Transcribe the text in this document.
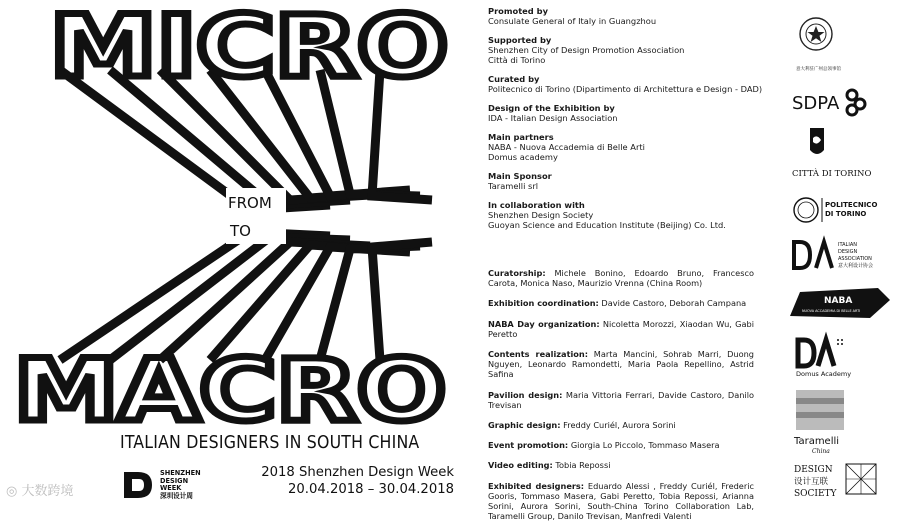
MICRO
MACRO
FROM
TO
ITALIAN DESIGNERS IN SOUTH CHINA
SHENZHEN
DESIGN
WEEK
深圳设计周
2018 Shenzhen Design Week
20.04.2018 – 30.04.2018
◎ 大数跨境
Promoted by
Consulate General of Italy in Guangzhou
Supported by
Shenzhen City of Design Promotion Association
Città di Torino
Curated by
Politecnico di Torino (Dipartimento di Architettura e Design - DAD)
Design of the Exhibition by
IDA - Italian Design Association
Main partners
NABA - Nuova Accademia di Belle Arti
Domus academy
Main Sponsor
Taramelli srl
In collaboration with
Shenzhen Design Society
Guoyan Science and Education Institute (Beijing) Co. Ltd.
Curatorship: Michele Bonino, Edoardo Bruno, Francesco Carota, Monica Naso, Maurizio Vrenna (China Room)
Exhibition coordination: Davide Castoro, Deborah Campana
NABA Day organization: Nicoletta Morozzi, Xiaodan Wu, Gabi Peretto
Contents realization: Marta Mancini, Sohrab Marri, Duong Nguyen, Leonardo Ramondetti, Maria Paola Repellino, Astrid Safina
Pavilion design: Maria Vittoria Ferrari, Davide Castoro, Danilo Trevisan
Graphic design: Freddy Curiél, Aurora Sorini
Event promotion: Giorgia Lo Piccolo, Tommaso Masera
Video editing: Tobia Repossi
Exhibited designers: Eduardo Alessi , Freddy Curiél, Frederic Gooris, Tommaso Masera, Gabi Peretto, Tobia Repossi, Arianna Sorini, Aurora Sorini, South-China Torino Collaboration Lab, Taramelli Group, Danilo Trevisan, Manfredi Valenti
意大利驻广州总领事馆
SDPA
CITTÀ DI TORINO
POLITECNICO
DI TORINO
ITALIAN
DESIGN
ASSOCIATION
意大利设计协会
NABA
NUOVA ACCADEMIA DI BELLE ARTI
Domus Academy
Taramelli
China
DESIGN
设计互联
SOCIETY
